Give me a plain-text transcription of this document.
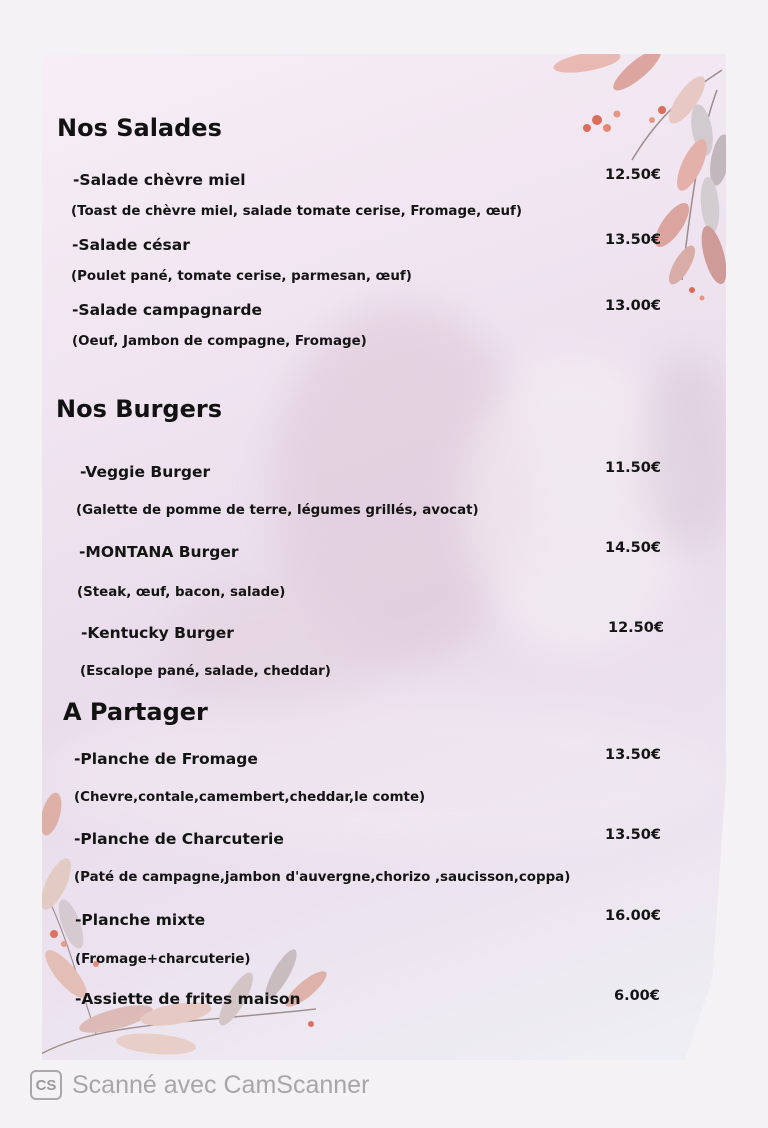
Nos Salades
-Salade chèvre miel	12.50€
(Toast de chèvre miel, salade tomate cerise, Fromage, œuf)
-Salade césar	13.50€
(Poulet pané, tomate cerise, parmesan, œuf)
-Salade campagnarde	13.00€
(Oeuf, Jambon de compagne, Fromage)
Nos Burgers
-Veggie Burger	11.50€
(Galette de pomme de terre, légumes grillés, avocat)
-MONTANA Burger	14.50€
(Steak, œuf, bacon, salade)
-Kentucky Burger	12.50€
(Escalope pané, salade, cheddar)
A Partager
-Planche de Fromage	13.50€
(Chevre,contale,camembert,cheddar,le comte)
-Planche de Charcuterie	13.50€
(Paté de campagne,jambon d'auvergne,chorizo ,saucisson,coppa)
-Planche mixte	16.00€
(Fromage+charcuterie)
-Assiette de frites maison	6.00€
CS Scanné avec CamScanner
